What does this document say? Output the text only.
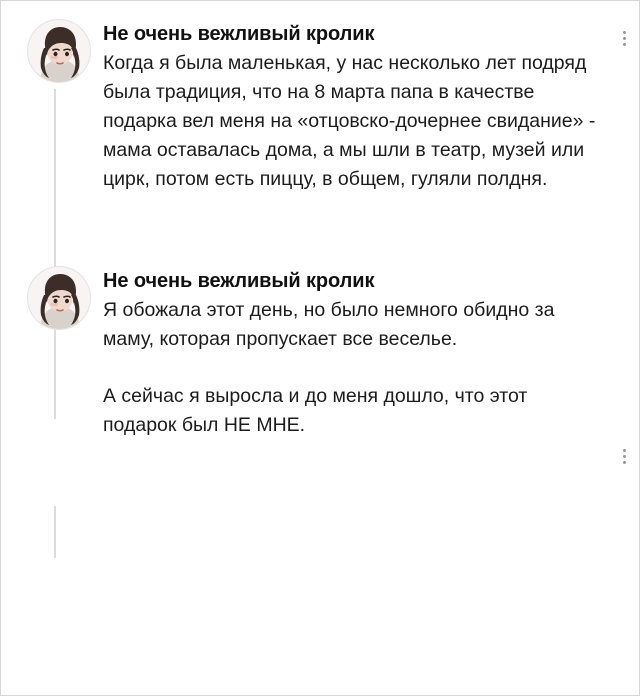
Не очень вежливый кролик

Когда я была маленькая, у нас несколько лет подряд была традиция, что на 8 марта папа в качестве подарка вел меня на «отцовско-дочернее свидание» - мама оставалась дома, а мы шли в театр, музей или цирк, потом есть пиццу, в общем, гуляли полдня.

Не очень вежливый кролик

Я обожала этот день, но было немного обидно за маму, которая пропускает все веселье.

А сейчас я выросла и до меня дошло, что этот подарок был НЕ МНЕ.
